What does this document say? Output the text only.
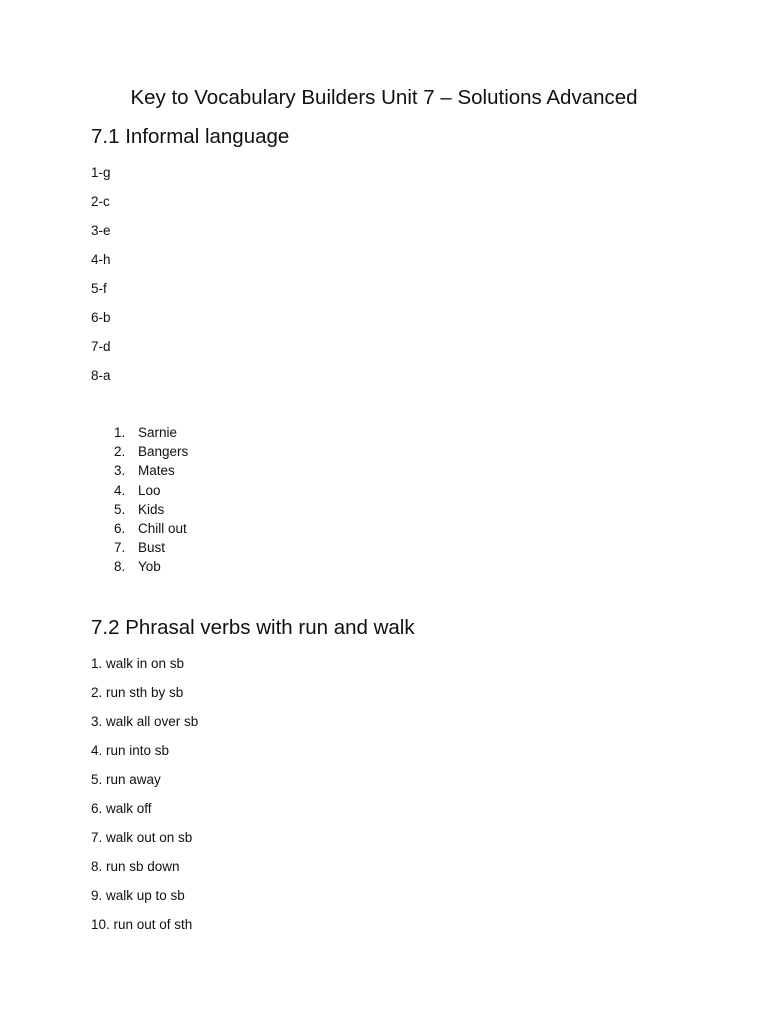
Key to Vocabulary Builders Unit 7 – Solutions Advanced
7.1 Informal language
1-g
2-c
3-e
4-h
5-f
6-b
7-d
8-a
1. Sarnie
2. Bangers
3. Mates
4. Loo
5. Kids
6. Chill out
7. Bust
8. Yob
7.2 Phrasal verbs with run and walk
1. walk in on sb
2. run sth by sb
3. walk all over sb
4. run into sb
5. run away
6. walk off
7. walk out on sb
8. run sb down
9. walk up to sb
10. run out of sth
